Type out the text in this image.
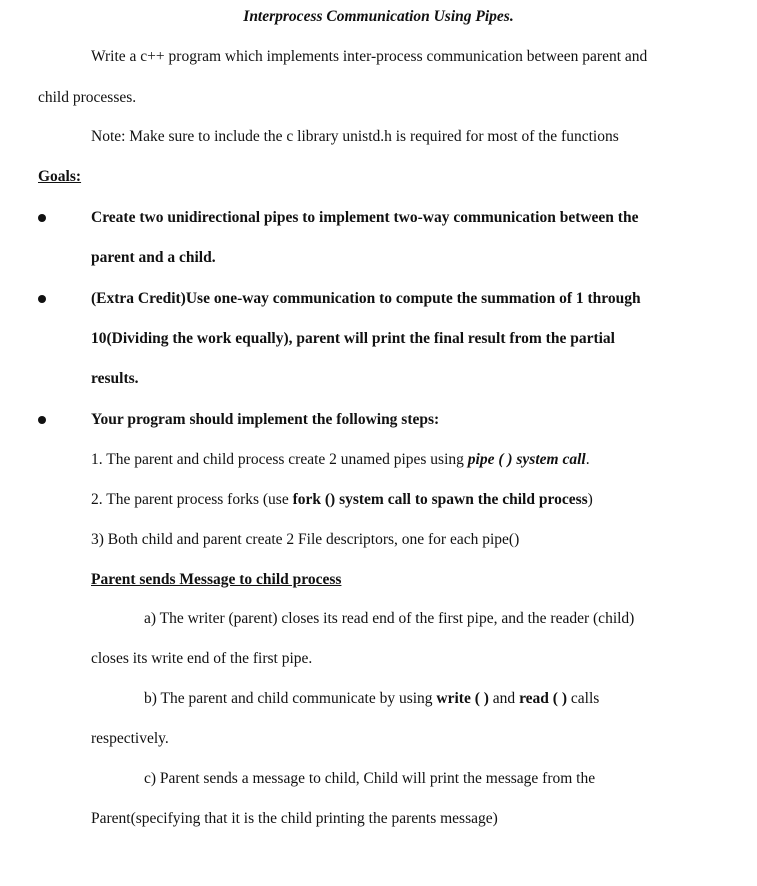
Interprocess Communication Using Pipes.
Write a c++ program which implements inter-process communication between parent and
child processes.
Note: Make sure to include the c library unistd.h is required for most of the functions
Goals:
Create two unidirectional pipes to implement two-way communication between the
parent and a child.
(Extra Credit)Use one-way communication to compute the summation of 1 through
10(Dividing the work equally), parent will print the final result from the partial
results.
Your program should implement the following steps:
1. The parent and child process create 2 unamed pipes using pipe ( ) system call.
2. The parent process forks (use fork () system call to spawn the child process)
3) Both child and parent create 2 File descriptors, one for each pipe()
Parent sends Message to child process
a) The writer (parent) closes its read end of the first pipe, and the reader (child)
closes its write end of the first pipe.
b) The parent and child communicate by using write ( ) and read ( ) calls
respectively.
c) Parent sends a message to child, Child will print the message from the
Parent(specifying that it is the child printing the parents message)
